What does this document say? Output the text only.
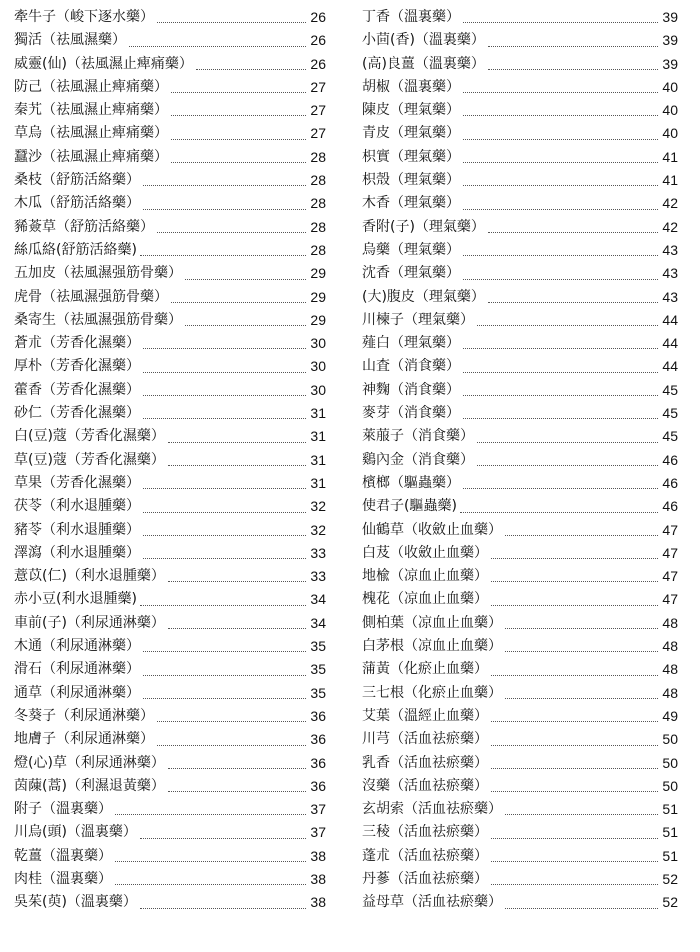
牽牛子（峻下逐水藥）	26
獨活（祛風濕藥）	26
威靈(仙)（祛風濕止痺痛藥）	26
防己（祛風濕止痺痛藥）	27
秦艽（祛風濕止痺痛藥）	27
草烏（祛風濕止痺痛藥）	27
蠶沙（祛風濕止痺痛藥）	28
桑枝（舒筋活絡藥）	28
木瓜（舒筋活絡藥）	28
豨薟草（舒筋活絡藥）	28
絲瓜絡(舒筋活絡藥)	28
五加皮（祛風濕强筋骨藥）	29
虎骨（祛風濕强筋骨藥）	29
桑寄生（祛風濕强筋骨藥）	29
蒼朮（芳香化濕藥）	30
厚朴（芳香化濕藥）	30
藿香（芳香化濕藥）	30
砂仁（芳香化濕藥）	31
白(豆)蔻（芳香化濕藥）	31
草(豆)蔻（芳香化濕藥）	31
草果（芳香化濕藥）	31
茯苓（利水退腫藥）	32
豬苓（利水退腫藥）	32
澤瀉（利水退腫藥）	33
薏苡(仁)（利水退腫藥）	33
赤小豆(利水退腫藥)	34
車前(子)（利尿通淋藥）	34
木通（利尿通淋藥）	35
滑石（利尿通淋藥）	35
通草（利尿通淋藥）	35
冬葵子（利尿通淋藥）	36
地膚子（利尿通淋藥）	36
燈(心)草（利尿通淋藥）	36
茵蔯(蒿)（利濕退黃藥）	36
附子（溫裏藥）	37
川烏(頭)（溫裏藥）	37
乾薑（溫裏藥）	38
肉桂（溫裏藥）	38
吳茱(萸)（溫裏藥）	38
丁香（溫裏藥）	39
小茴(香)（溫裏藥）	39
(高)良薑（溫裏藥）	39
胡椒（溫裏藥）	40
陳皮（理氣藥）	40
青皮（理氣藥）	40
枳實（理氣藥）	41
枳殼（理氣藥）	41
木香（理氣藥）	42
香附(子)（理氣藥）	42
烏藥（理氣藥）	43
沈香（理氣藥）	43
(大)腹皮（理氣藥）	43
川楝子（理氣藥）	44
薤白（理氣藥）	44
山査（消食藥）	44
神麴（消食藥）	45
麥芽（消食藥）	45
萊菔子（消食藥）	45
鷄內金（消食藥）	46
檳榔（驅蟲藥）	46
使君子(驅蟲藥)	46
仙鶴草（收斂止血藥）	47
白芨（收斂止血藥）	47
地楡（凉血止血藥）	47
槐花（凉血止血藥）	47
側柏葉（凉血止血藥）	48
白茅根（凉血止血藥）	48
蒲黃（化瘀止血藥）	48
三七根（化瘀止血藥）	48
艾葉（溫經止血藥）	49
川芎（活血祛瘀藥）	50
乳香（活血祛瘀藥）	50
沒藥（活血祛瘀藥）	50
玄胡索（活血祛瘀藥）	51
三稜（活血祛瘀藥）	51
蓬朮（活血祛瘀藥）	51
丹蔘（活血祛瘀藥）	52
益母草（活血祛瘀藥）	52
